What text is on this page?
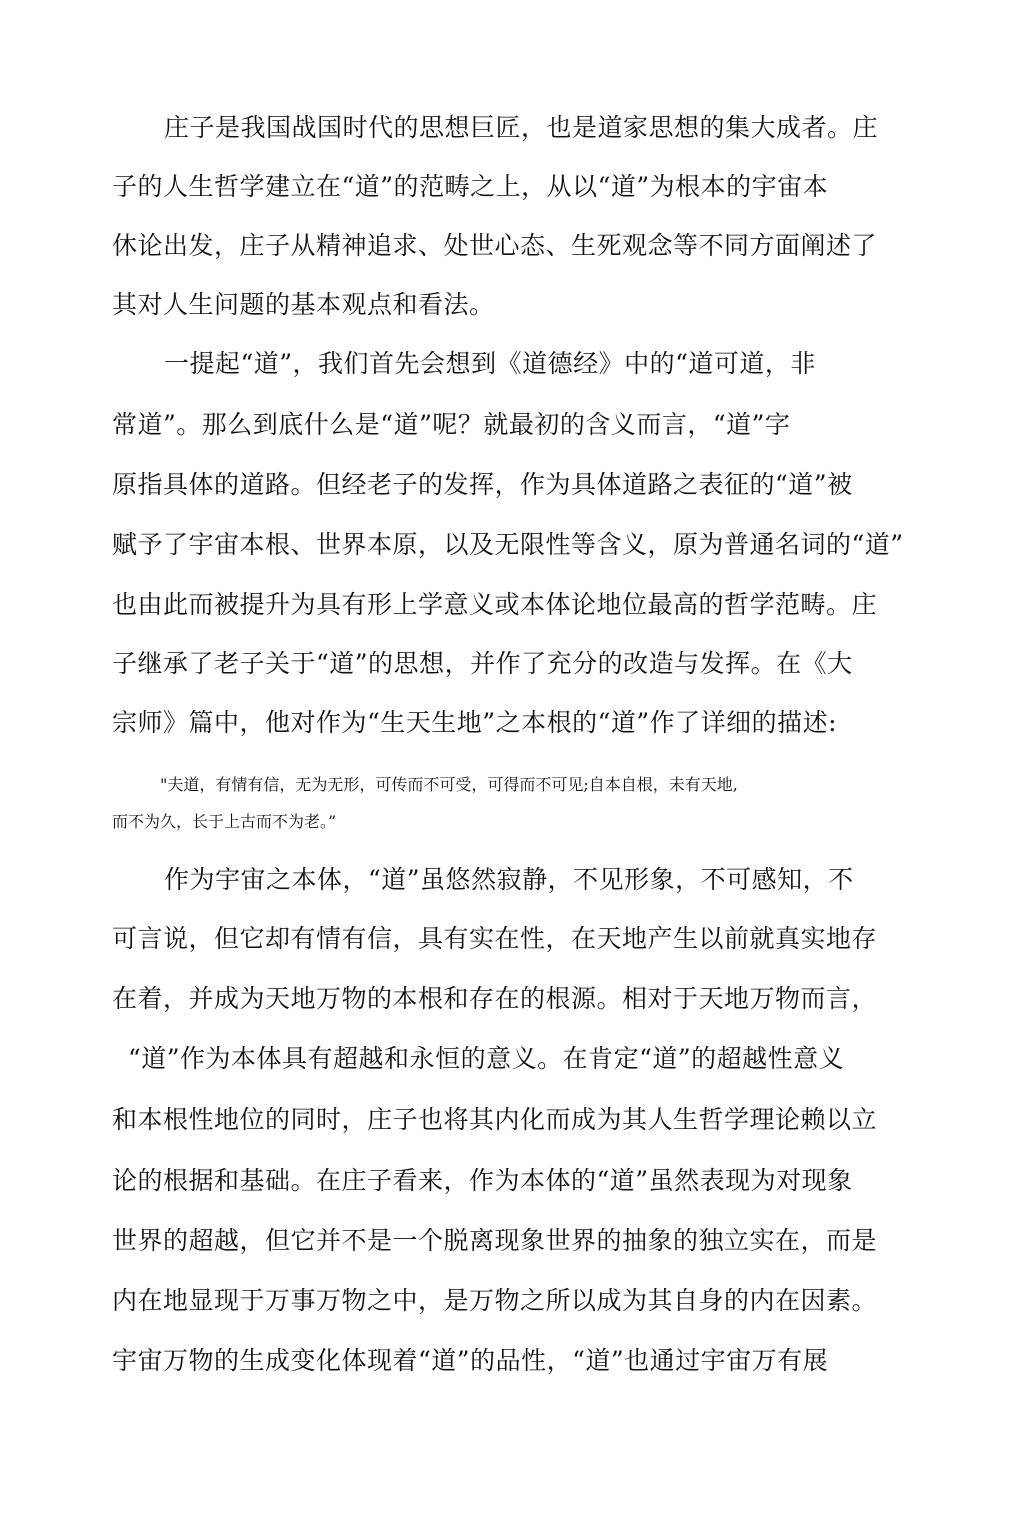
庄子是我国战国时代的思想巨匠，也是道家思想的集大成者。庄
子的人生哲学建立在“道”的范畴之上，从以“道”为根本的宇宙本
休论出发，庄子从精神追求、处世心态、生死观念等不同方面阐述了
其对人生问题的基本观点和看法。
一提起“道”，我们首先会想到《道德经》中的“道可道，非
常道”。那么到底什么是“道”呢？就最初的含义而言，“道”字
原指具体的道路。但经老子的发挥，作为具体道路之表征的“道”被
赋予了宇宙本根、世界本原，以及无限性等含义，原为普通名词的“道”
也由此而被提升为具有形上学意义或本体论地位最高的哲学范畴。庄
子继承了老子关于“道”的思想，并作了充分的改造与发挥。在《大
宗师》篇中，他对作为“生天生地”之本根的“道”作了详细的描述:
"夫道，有情有信，无为无形，可传而不可受，可得而不可见;自本自根，未有天地,
而不为久，长于上古而不为老。”
作为宇宙之本体，“道”虽悠然寂静，不见形象，不可感知，不
可言说，但它却有情有信，具有实在性，在天地产生以前就真实地存
在着，并成为天地万物的本根和存在的根源。相对于天地万物而言，
“道”作为本体具有超越和永恒的意义。在肯定“道”的超越性意义
和本根性地位的同时，庄子也将其内化而成为其人生哲学理论赖以立
论的根据和基础。在庄子看来，作为本体的“道”虽然表现为对现象
世界的超越，但它并不是一个脱离现象世界的抽象的独立实在，而是
内在地显现于万事万物之中，是万物之所以成为其自身的内在因素。
宇宙万物的生成变化体现着“道”的品性，“道”也通过宇宙万有展
